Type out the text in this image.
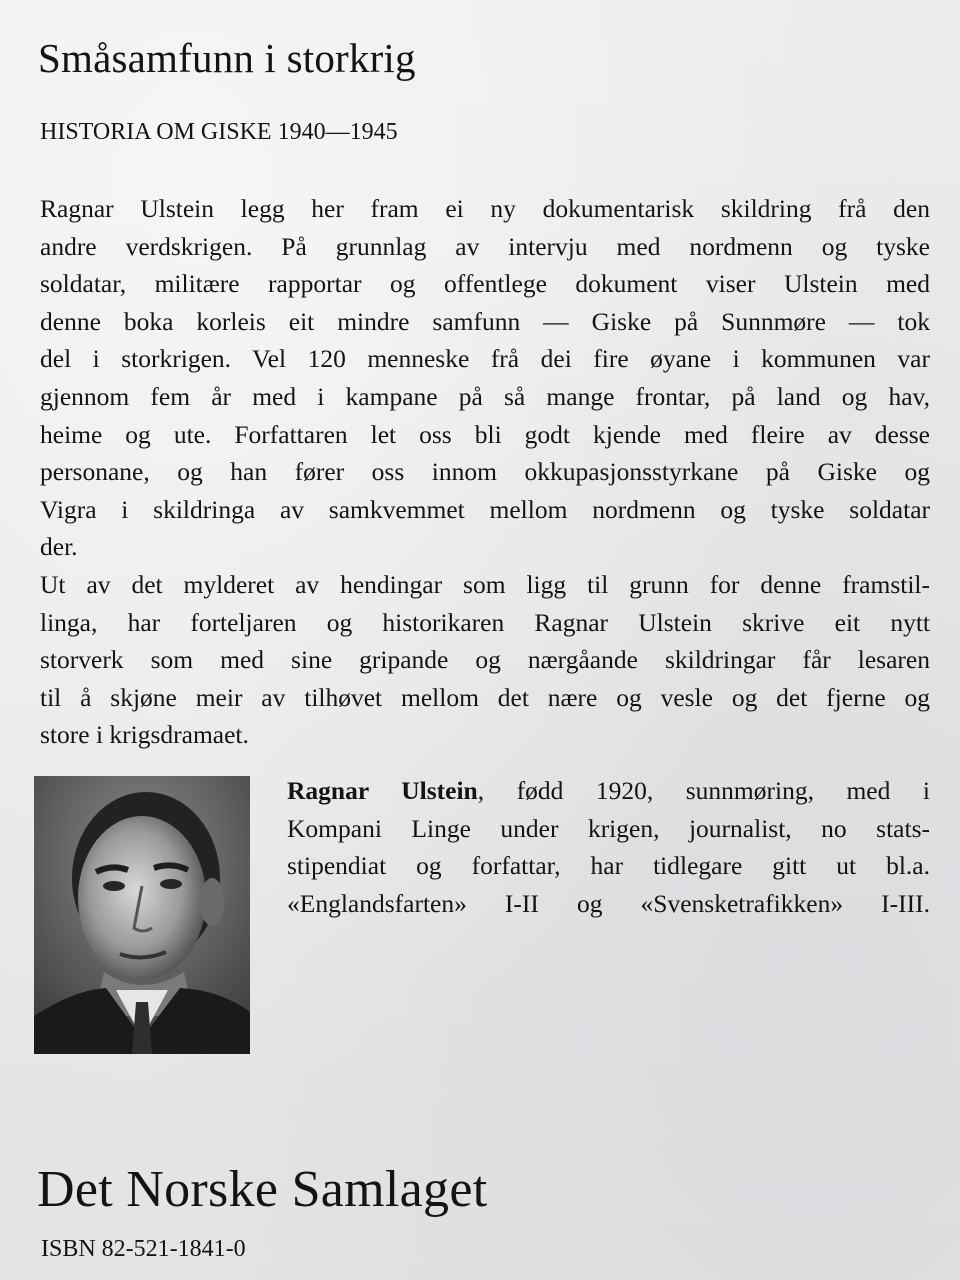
Småsamfunn i storkrig
HISTORIA OM GISKE 1940—1945
Ragnar Ulstein legg her fram ei ny dokumentarisk skildring frå den
andre verdskrigen. På grunnlag av intervju med nordmenn og tyske
soldatar, militære rapportar og offentlege dokument viser Ulstein med
denne boka korleis eit mindre samfunn — Giske på Sunnmøre — tok
del i storkrigen. Vel 120 menneske frå dei fire øyane i kommunen var
gjennom fem år med i kampane på så mange frontar, på land og hav,
heime og ute. Forfattaren let oss bli godt kjende med fleire av desse
personane, og han fører oss innom okkupasjonsstyrkane på Giske og
Vigra i skildringa av samkvemmet mellom nordmenn og tyske soldatar
der.
Ut av det mylderet av hendingar som ligg til grunn for denne framstil-
linga, har forteljaren og historikaren Ragnar Ulstein skrive eit nytt
storverk som med sine gripande og nærgåande skildringar får lesaren
til å skjøne meir av tilhøvet mellom det nære og vesle og det fjerne og
store i krigsdramaet.
Ragnar Ulstein, fødd 1920, sunnmøring, med i
Kompani Linge under krigen, journalist, no stats-
stipendiat og forfattar, har tidlegare gitt ut bl.a.
«Englandsfarten» I-II og «Svensketrafikken» I-III.
Det Norske Samlaget
ISBN 82-521-1841-0
